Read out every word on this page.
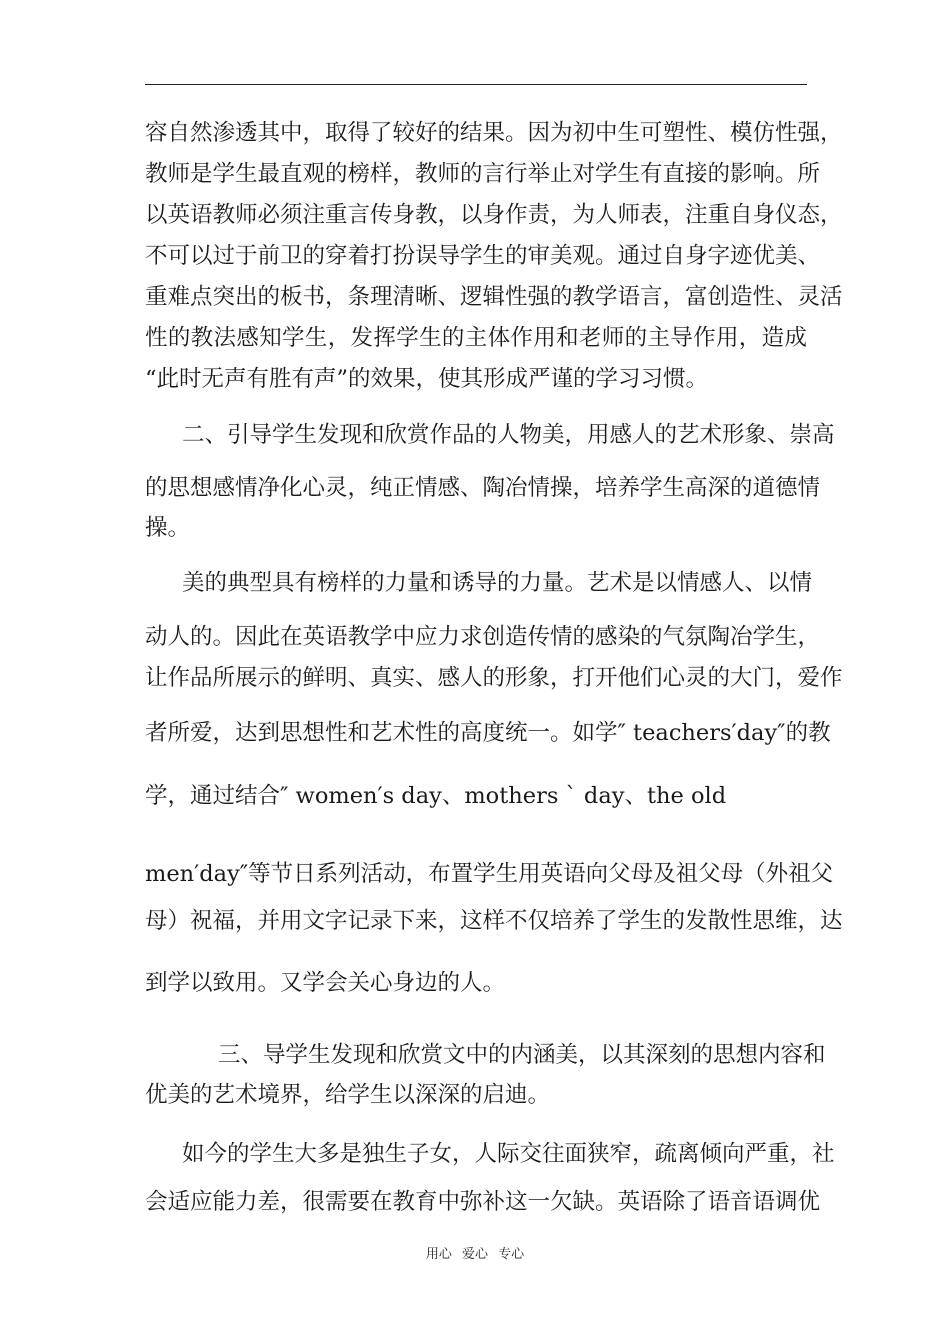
容自然渗透其中，取得了较好的结果。因为初中生可塑性、模仿性强，
教师是学生最直观的榜样，教师的言行举止对学生有直接的影响。所
以英语教师必须注重言传身教，以身作责，为人师表，注重自身仪态，
不可以过于前卫的穿着打扮误导学生的审美观。通过自身字迹优美、
重难点突出的板书，条理清晰、逻辑性强的教学语言，富创造性、灵活
性的教法感知学生，发挥学生的主体作用和老师的主导作用，造成
“此时无声有胜有声”的效果，使其形成严谨的学习习惯。
二、引导学生发现和欣赏作品的人物美，用感人的艺术形象、崇高
的思想感情净化心灵，纯正情感、陶冶情操，培养学生高深的道德情
操。
美的典型具有榜样的力量和诱导的力量。艺术是以情感人、以情
动人的。因此在英语教学中应力求创造传情的感染的气氛陶冶学生，
让作品所展示的鲜明、真实、感人的形象，打开他们心灵的大门，爱作
者所爱，达到思想性和艺术性的高度统一。如学″ teachers′day″的教
学，通过结合″ women′s day、mothers ˋ day、the old
men′day″等节日系列活动，布置学生用英语向父母及祖父母（外祖父
母）祝福，并用文字记录下来，这样不仅培养了学生的发散性思维，达
到学以致用。又学会关心身边的人。
三、导学生发现和欣赏文中的内涵美，以其深刻的思想内容和
优美的艺术境界，给学生以深深的启迪。
如今的学生大多是独生子女，人际交往面狭窄，疏离倾向严重，社
会适应能力差，很需要在教育中弥补这一欠缺。英语除了语音语调优
用心 爱心 专心
